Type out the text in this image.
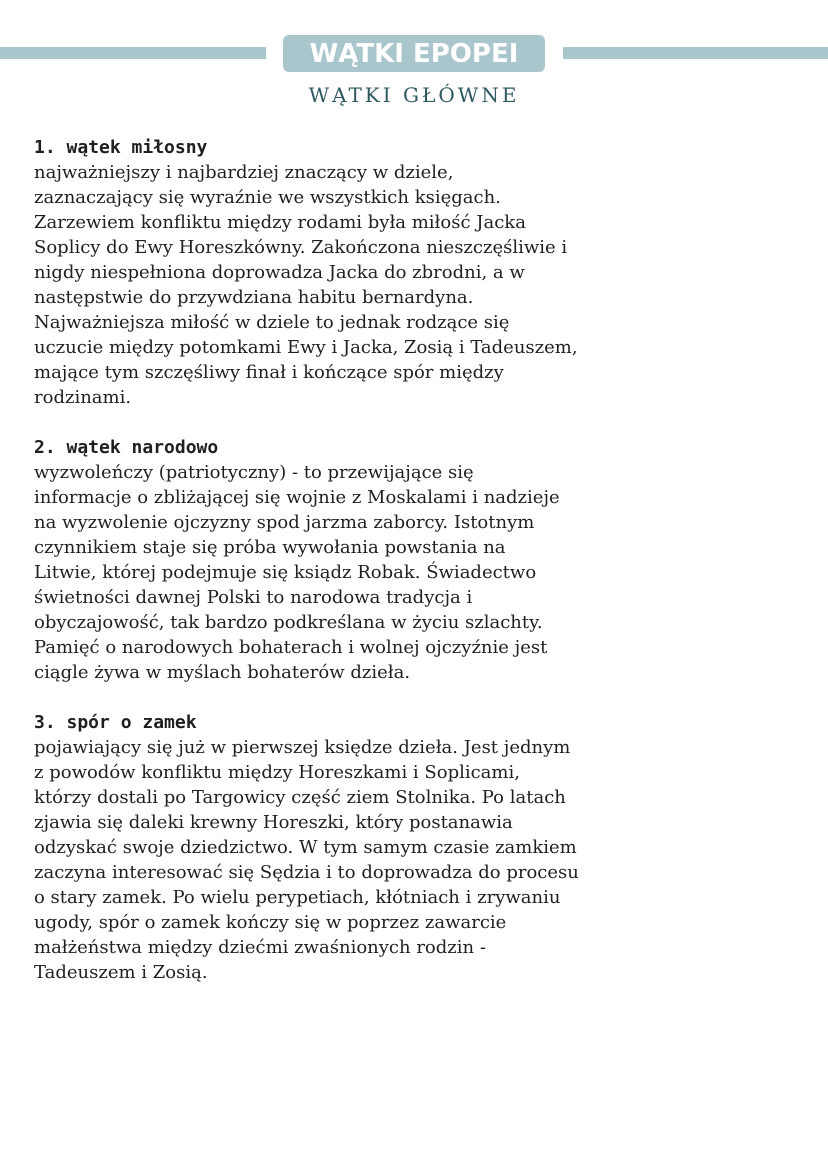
WĄTKI EPOPEI
WĄTKI GŁÓWNE
1. wątek miłosny
najważniejszy i najbardziej znaczący w dziele,
zaznaczający się wyraźnie we wszystkich księgach.
Zarzewiem konfliktu między rodami była miłość Jacka
Soplicy do Ewy Horeszkówny. Zakończona nieszczęśliwie i
nigdy niespełniona doprowadza Jacka do zbrodni, a w
następstwie do przywdziana habitu bernardyna.
Najważniejsza miłość w dziele to jednak rodzące się
uczucie między potomkami Ewy i Jacka, Zosią i Tadeuszem,
mające tym szczęśliwy finał i kończące spór między
rodzinami.
2. wątek narodowo
wyzwoleńczy (patriotyczny) - to przewijające się
informacje o zbliżającej się wojnie z Moskalami i nadzieje
na wyzwolenie ojczyzny spod jarzma zaborcy. Istotnym
czynnikiem staje się próba wywołania powstania na
Litwie, której podejmuje się ksiądz Robak. Świadectwo
świetności dawnej Polski to narodowa tradycja i
obyczajowość, tak bardzo podkreślana w życiu szlachty.
Pamięć o narodowych bohaterach i wolnej ojczyźnie jest
ciągle żywa w myślach bohaterów dzieła.
3. spór o zamek
pojawiający się już w pierwszej księdze dzieła. Jest jednym
z powodów konfliktu między Horeszkami i Soplicami,
którzy dostali po Targowicy część ziem Stolnika. Po latach
zjawia się daleki krewny Horeszki, który postanawia
odzyskać swoje dziedzictwo. W tym samym czasie zamkiem
zaczyna interesować się Sędzia i to doprowadza do procesu
o stary zamek. Po wielu perypetiach, kłótniach i zrywaniu
ugody, spór o zamek kończy się w poprzez zawarcie
małżeństwa między dziećmi zwaśnionych rodzin -
Tadeuszem i Zosią.
